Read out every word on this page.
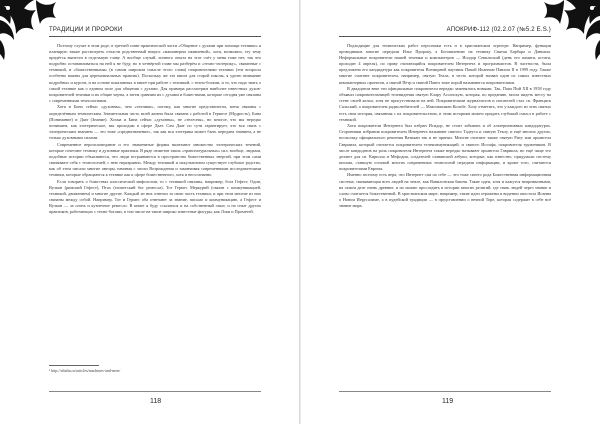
ТРАДИЦИИ И ПРОРОКИ

Поэтому случае в этом роде, в третьей главе практической части «Общение с духами при помощи техники» я планирую также рассмотреть отчасти родственный вопрос «машинерии оживлений», хотя, возможно, эту тему придётся вынести в отдельную главу. А вообще случай, личного опыта на этот счёт у меня тоже нет, так что подробно останавливаться на ней я не буду, но в четвёртой главе мы разберём и «техно-эзотерику», связанные с техникой, и «божественными» (в самом широком смысле этого слова) покровителями техники (эти вопросы особенно важны для церемониальных практик). Поскольку же эта книга для старой школы, я уделю внимание подробных и курсов, и на основе показанных в книге при работе с техникой, с техно-богами, и то, что надо знать о самой технике как о едином поле для общения с духами. Для примера рассмотрим наиболее известных духов-покровителей техники и их общие черты, а затем сравним их с духами и божествами, которые сегодня уже связаны с современными технологиями.

Хотя и Бинх сейчас «духовны», чем «техники», потому, как многие представители, меня связаны с определённым техническим. Значительная часть моей жизни была связана с работой в Гермесе (Мудрость), Бина (Понимание) и Даат (Знание). Хохма и Бина сейчас «духовны», не «телесны», но многое, что мы нередко понимаем, как эзотерическое, мы проходим в сфере Даат. Сам Даат по сути гарантирует, что вся связь с эзотерическим знанием — это тоже «предназначение», так как вся эзотерика может быть передана знанием, а не только духовными силами.

Современное вероисповедание и его знаменитые формы включают множество эзотерических течений, которые сочетают технику и духовные практики. В ряде сюжетов таких «транснатуральных» сил, вообще, людьми, подобные истории объясняются, что люди встраиваются в пространство божественных энергий, при этом сами связывают себя с технологией, с нею неразрывно. Между техникой и оккультизмом существует глубокое родство, как об этом писали многие авторы, начиная с эпохи Возрождения и заканчивая современными исследователями техники, которые обращаются к технике как к сфере божественного, хотя и неосознанно.

Если говорить о божествах классической мифологии, то с техникой связаны, например, бога Гефест, Один, Вулкан (римский Гефест), Птах (египетский бог ремесла), Тот Гермес Меркурий (связан с коммуникацией, техникой, движением) и многие другие. Каждый из них отвечал за свою часть техники, и при этом многие из них связаны между собой. Например, Тот и Гермес оба отвечают за знание, письмо и коммуникацию, а Гефест и Вулкан — за огонь и кузнечное ремесло. В книге я буду ссылаться и на собственный опыт, и на опыт других практиков, работающих с техно-богами, в том числе на такие широко известные фигуры, как Локи и Прометей.

¹ http://altalia.ru/articles/machines-and-men/
118
АПОКРИФ-112 (02.2.07 (№5.2 E.S.)

Подходящие для технических работ персонажи есть и в христианском эгрегоре. Например, функции проводников многие передали Илье Пророку, а Богоявлению на технику Святая Барбара и Даниила. Неформальные покровители нашей техники и компьютеров — Исидор Севильский (день его памяти, кстати, проходит 4 апреля), по праву считающийся покровителем Интернета и программистов. В частности, была предложена его кандидатура как покровителя Всемирной паутины Папой Иоанном Павлом II в 1999 году. Также многие считают покровителем, например, святую Текла, в честь которой назван один из самых известных компьютерных проектов, а святой Пётр и святой Павел тоже порой называются покровителями.

В двадцатом веке эти официальные покровители нередко заменялись новыми. Так, Папа Пий XII в 1958 году объявил покровительницей телевидения святую Клару Ассизскую, которая, по преданию, могла видеть мессу на стене своей кельи, хотя не присутствовала на ней. Покровителями журналистов и писателей стал св. Франциск Сальский, а покровителем радиолюбителей — Максимилиан Кольбе. Хочу отметить, что у каждого из этих святых есть своя история, связанная с их покровительством, и этим историям можно придать глубокий смысл в работе с техникой.

Хотя покровители Интернета был избран Исидор, не стоит забывать и об альтернативных кандидатурах. Сторонники избрания покровителем Интернета называют святого Тадеуса и святую Теклу, и ещё многих других, поскольку официального решения Ватикан так и не принял. Многие считают также святую Риту или архангела Гавриила, который считается покровителем телекоммуникаций, и святого Иосифа, покровителя тружеников. В числе кандидатов на роль покровителя Интернета также нередко называют архангела Гавриила, но ещё чаще это делают для св. Кирилла и Мефодия, создателей славянской азбуки, которые, как известно, придумали систему письма, ставшую основой многих современных технологий передачи информации, и кроме того, считаются покровителями Европы.

Именно поэтому есть вера, что Интернет сам по себе — это тоже своего рода Божественная информационная система, связывающая всех людей на земле, как Вавилонская башня. Такие идеи, хотя и кажутся непривычными, на самом деле очень древние, и их можно проследить в истории многих религий, где связь людей через знание и слово считается божественной. В христианском мире, например, такие идеи отражены в видении апостола Иоанна о Новом Иерусалиме, а в иудейской традиции — в представлении о вечной Торе, которая содержит в себе всё знание мира.

119
